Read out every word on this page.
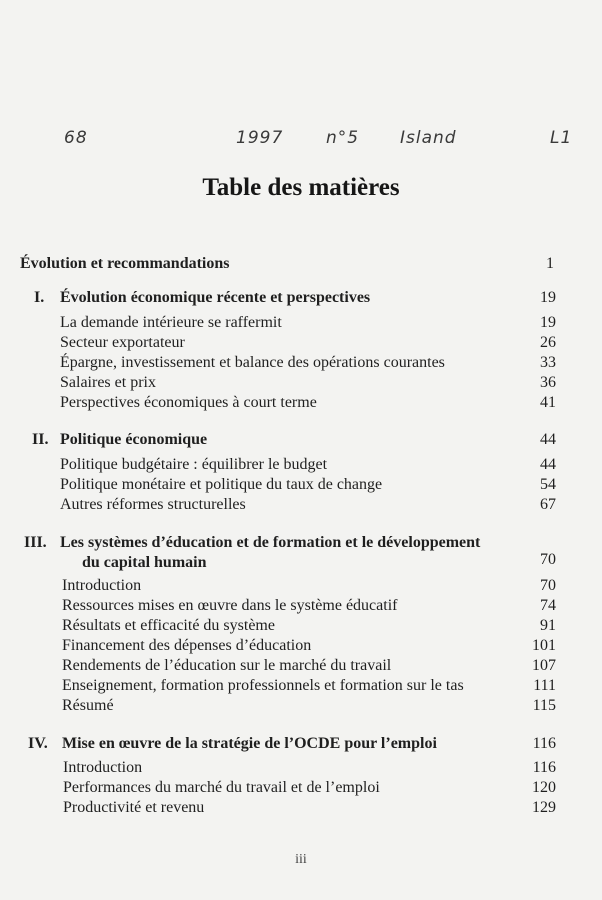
68	1997	n°5 Island	L1
Table des matières
Évolution et recommandations	1
I. Évolution économique récente et perspectives	19
La demande intérieure se raffermit	19
Secteur exportateur	26
Épargne, investissement et balance des opérations courantes	33
Salaires et prix	36
Perspectives économiques à court terme	41
II. Politique économique	44
Politique budgétaire : équilibrer le budget	44
Politique monétaire et politique du taux de change	54
Autres réformes structurelles	67
III. Les systèmes d’éducation et de formation et le développement
du capital humain	70
Introduction	70
Ressources mises en œuvre dans le système éducatif	74
Résultats et efficacité du système	91
Financement des dépenses d’éducation	101
Rendements de l’éducation sur le marché du travail	107
Enseignement, formation professionnels et formation sur le tas	111
Résumé	115
IV. Mise en œuvre de la stratégie de l’OCDE pour l’emploi	116
Introduction	116
Performances du marché du travail et de l’emploi	120
Productivité et revenu	129
iii
